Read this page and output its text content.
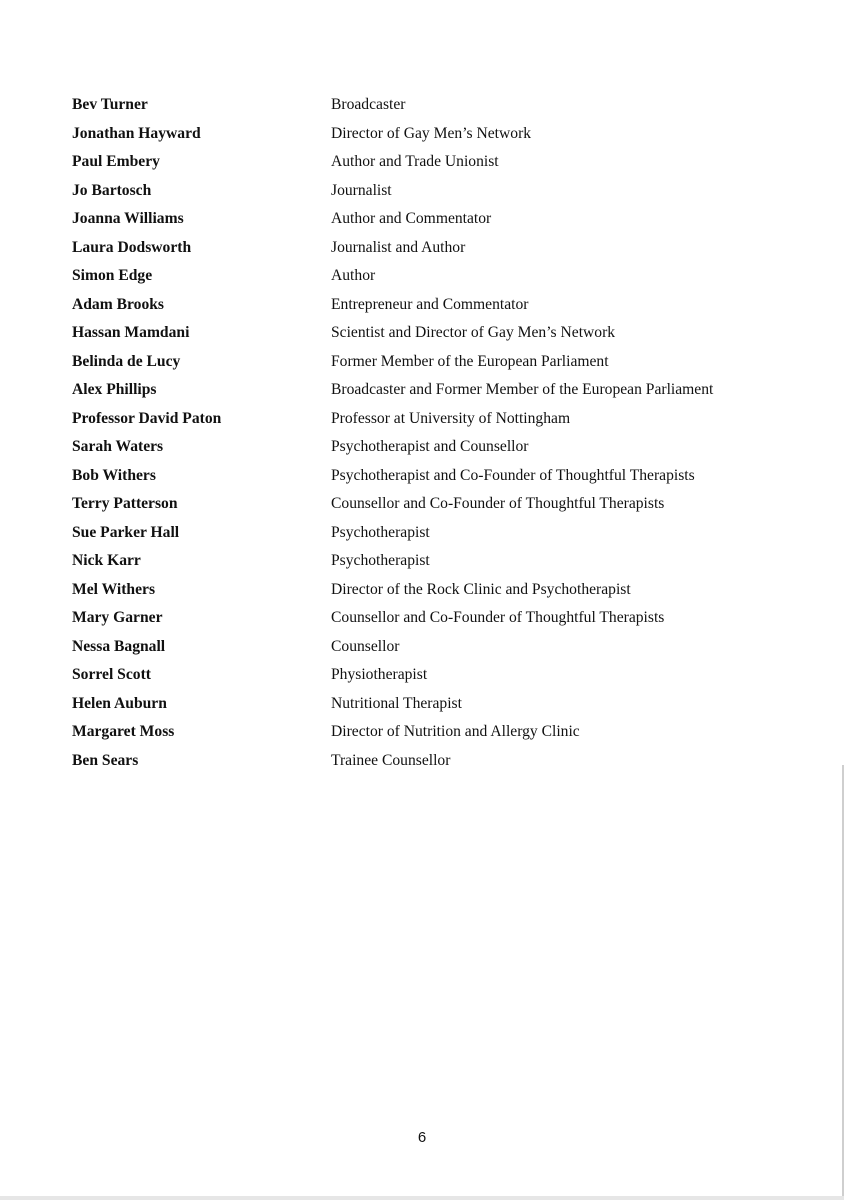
Bev Turner	Broadcaster
Jonathan Hayward	Director of Gay Men’s Network
Paul Embery	Author and Trade Unionist
Jo Bartosch	Journalist
Joanna Williams	Author and Commentator
Laura Dodsworth	Journalist and Author
Simon Edge	Author
Adam Brooks	Entrepreneur and Commentator
Hassan Mamdani	Scientist and Director of Gay Men’s Network
Belinda de Lucy	Former Member of the European Parliament
Alex Phillips	Broadcaster and Former Member of the European Parliament
Professor David Paton	Professor at University of Nottingham
Sarah Waters	Psychotherapist and Counsellor
Bob Withers	Psychotherapist and Co-Founder of Thoughtful Therapists
Terry Patterson	Counsellor and Co-Founder of Thoughtful Therapists
Sue Parker Hall	Psychotherapist
Nick Karr	Psychotherapist
Mel Withers	Director of the Rock Clinic and Psychotherapist
Mary Garner	Counsellor and Co-Founder of Thoughtful Therapists
Nessa Bagnall	Counsellor
Sorrel Scott	Physiotherapist
Helen Auburn	Nutritional Therapist
Margaret Moss	Director of Nutrition and Allergy Clinic
Ben Sears	Trainee Counsellor
6
